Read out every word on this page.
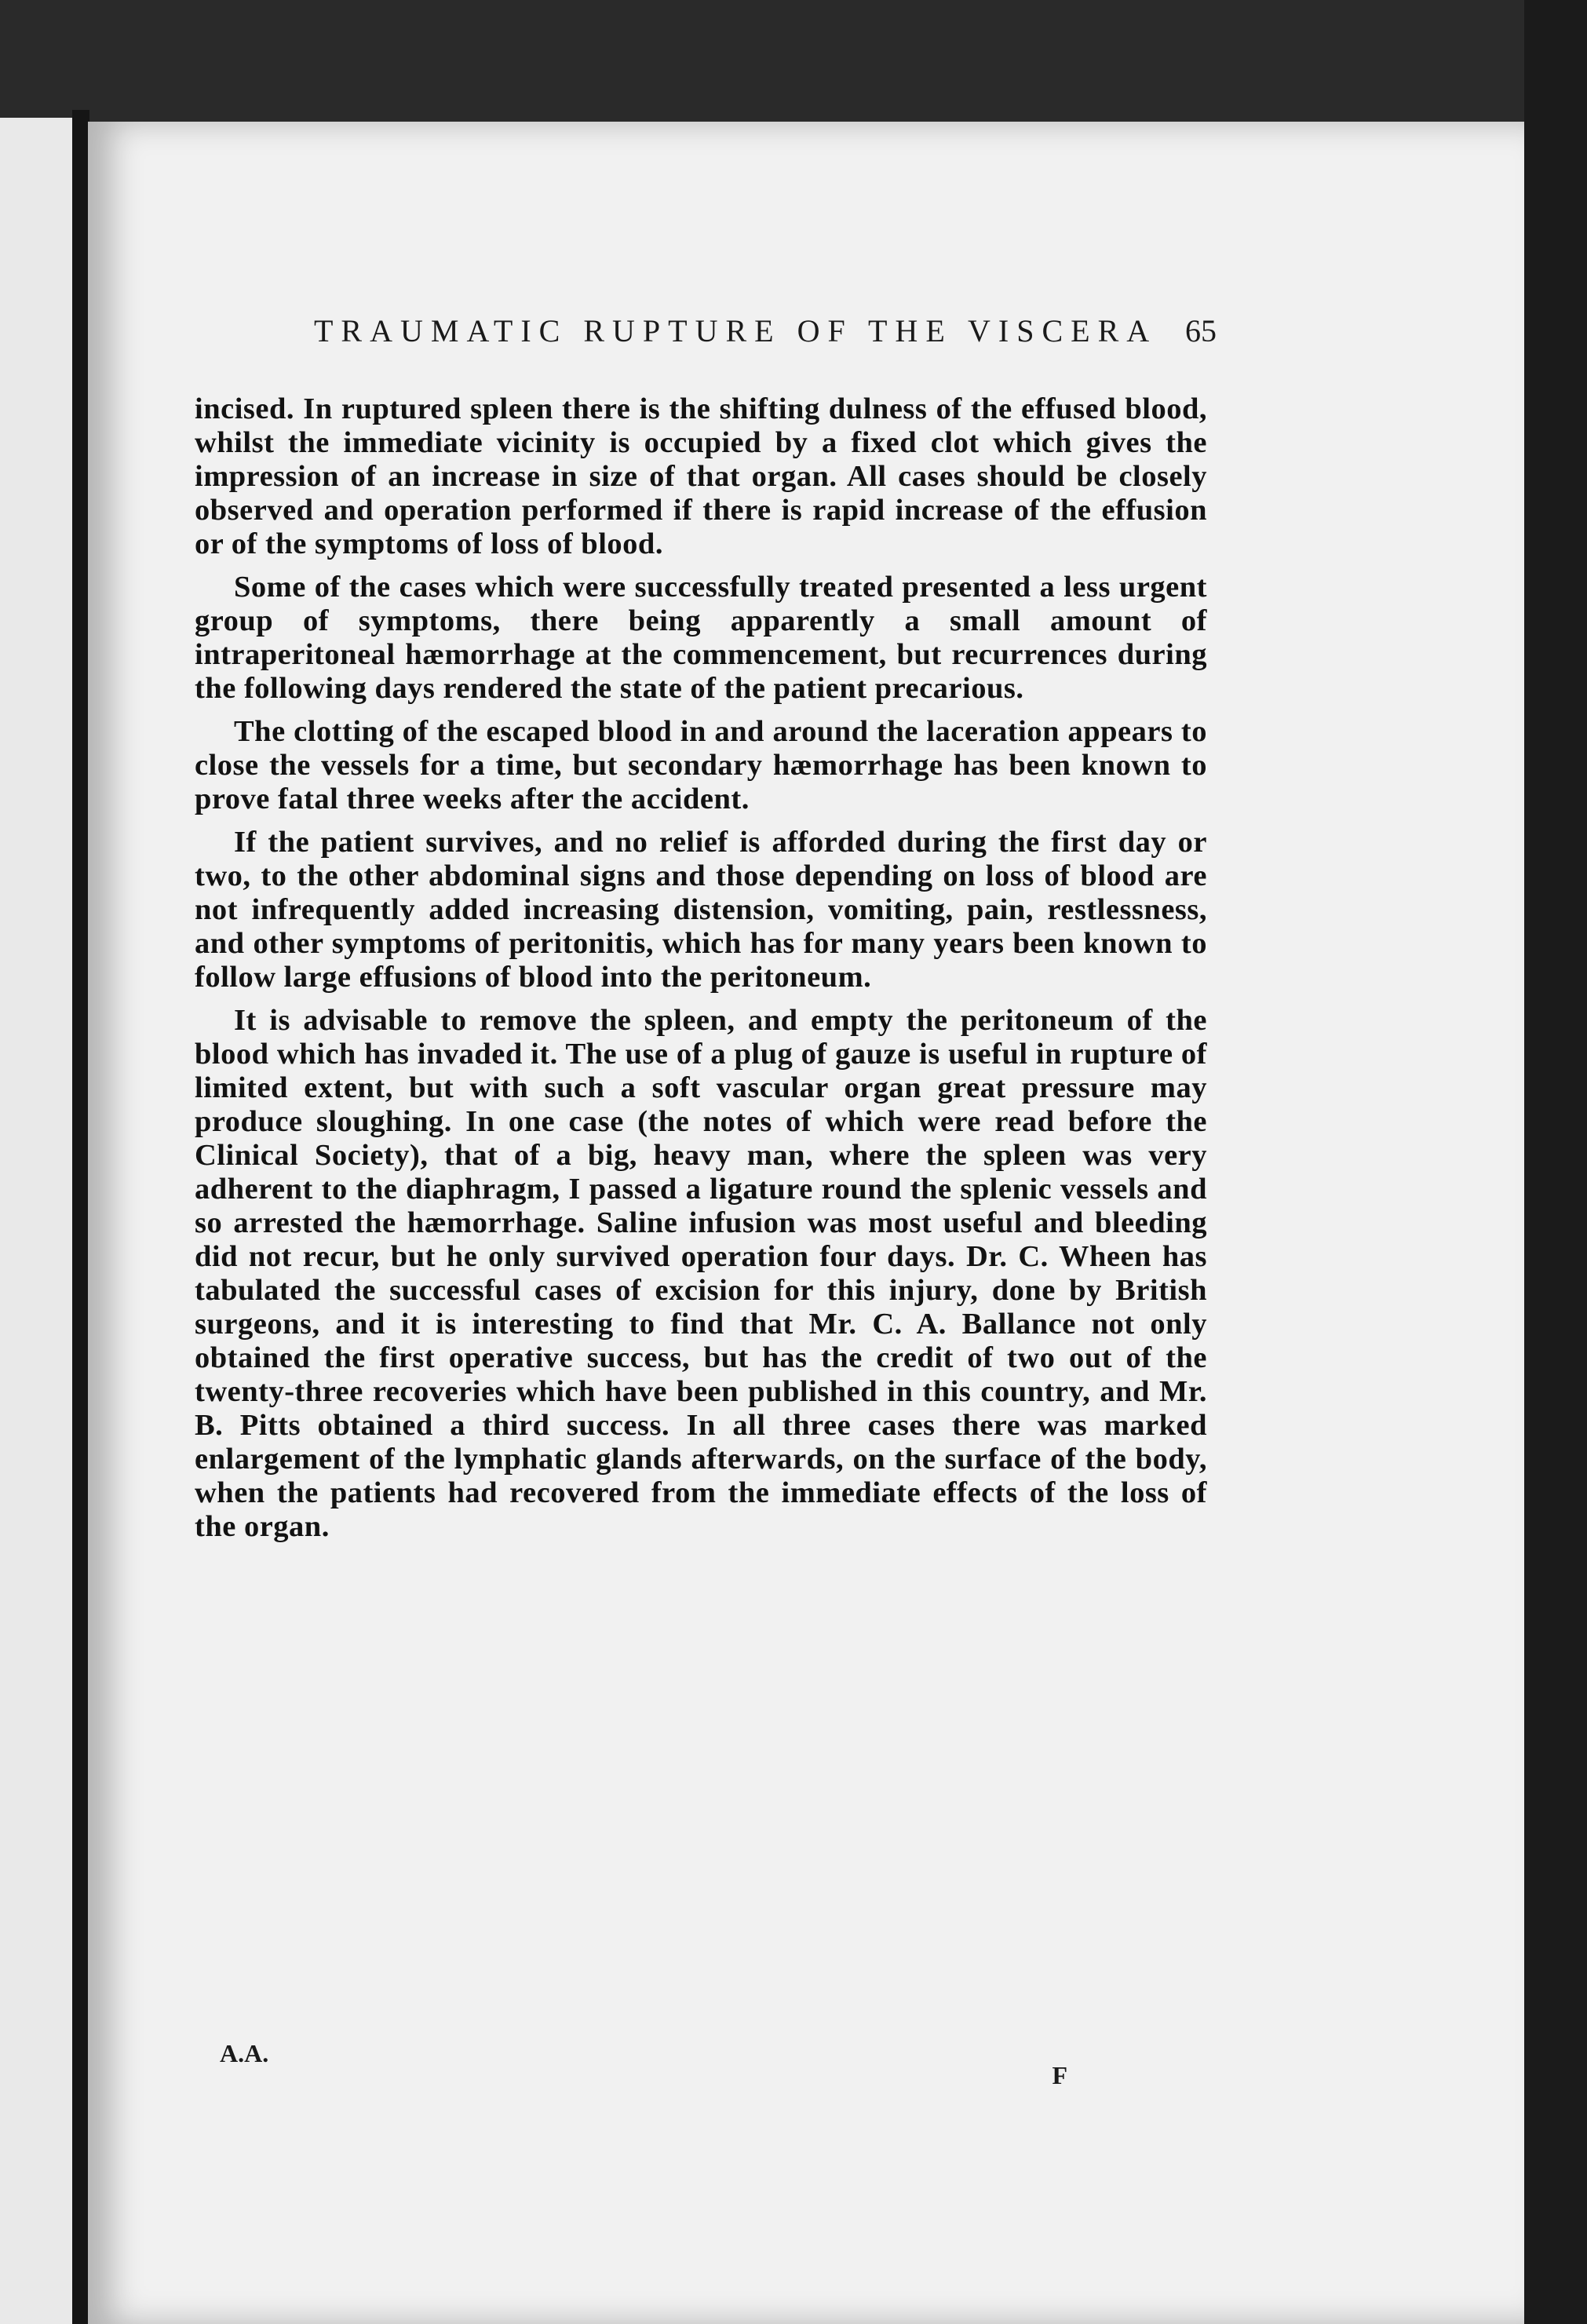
TRAUMATIC RUPTURE OF THE VISCERA 65

incised. In ruptured spleen there is the shifting dulness of the effused blood, whilst the immediate vicinity is occupied by a fixed clot which gives the impression of an increase in size of that organ. All cases should be closely observed and operation performed if there is rapid increase of the effusion or of the symptoms of loss of blood.

Some of the cases which were successfully treated presented a less urgent group of symptoms, there being apparently a small amount of intraperitoneal hæmorrhage at the commencement, but recurrences during the following days rendered the state of the patient precarious.

The clotting of the escaped blood in and around the laceration appears to close the vessels for a time, but secondary hæmorrhage has been known to prove fatal three weeks after the accident.

If the patient survives, and no relief is afforded during the first day or two, to the other abdominal signs and those depending on loss of blood are not infrequently added increasing distension, vomiting, pain, restlessness, and other symptoms of peritonitis, which has for many years been known to follow large effusions of blood into the peritoneum.

It is advisable to remove the spleen, and empty the peritoneum of the blood which has invaded it. The use of a plug of gauze is useful in rupture of limited extent, but with such a soft vascular organ great pressure may produce sloughing. In one case (the notes of which were read before the Clinical Society), that of a big, heavy man, where the spleen was very adherent to the diaphragm, I passed a ligature round the splenic vessels and so arrested the hæmorrhage. Saline infusion was most useful and bleeding did not recur, but he only survived operation four days. Dr. C. Wheen has tabulated the successful cases of excision for this injury, done by British surgeons, and it is interesting to find that Mr. C. A. Ballance not only obtained the first operative success, but has the credit of two out of the twenty-three recoveries which have been published in this country, and Mr. B. Pitts obtained a third success. In all three cases there was marked enlargement of the lymphatic glands afterwards, on the surface of the body, when the patients had recovered from the immediate effects of the loss of the organ.

A.A.
F
